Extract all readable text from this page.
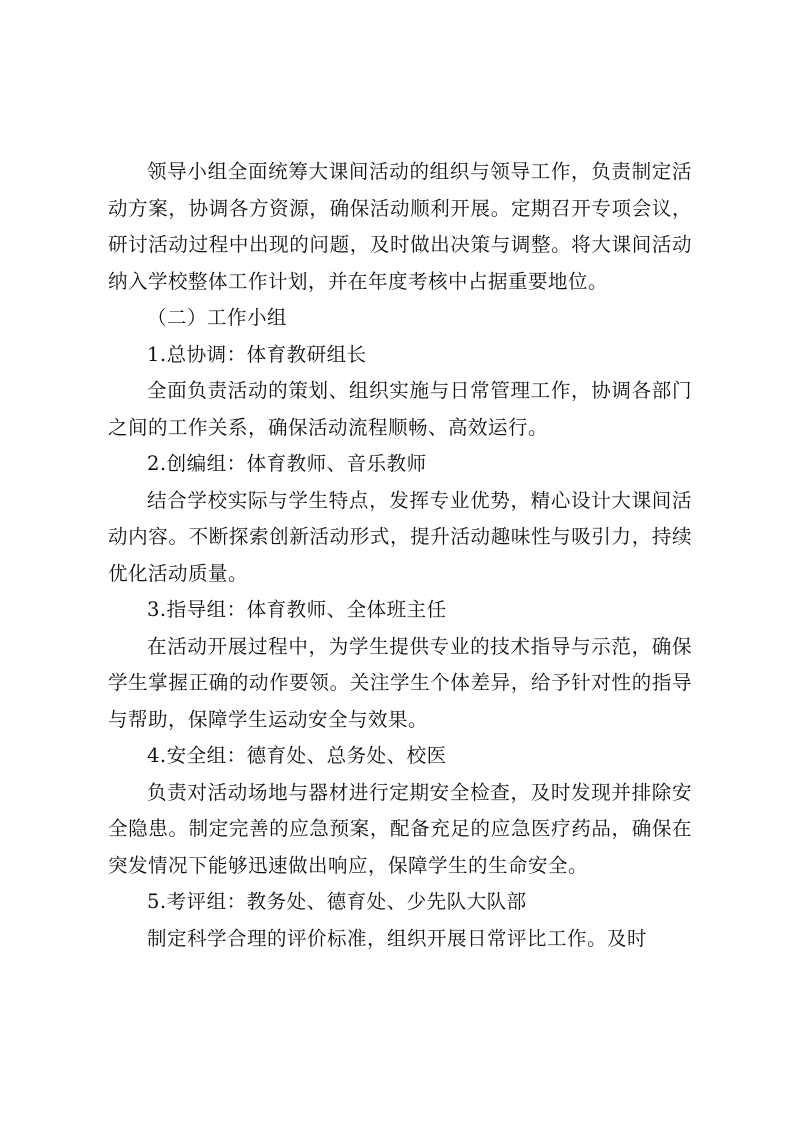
领导小组全面统筹大课间活动的组织与领导工作，负责制定活动方案，协调各方资源，确保活动顺利开展。定期召开专项会议，研讨活动过程中出现的问题，及时做出决策与调整。将大课间活动纳入学校整体工作计划，并在年度考核中占据重要地位。

（二）工作小组

1.总协调：体育教研组长

全面负责活动的策划、组织实施与日常管理工作，协调各部门之间的工作关系，确保活动流程顺畅、高效运行。

2.创编组：体育教师、音乐教师

结合学校实际与学生特点，发挥专业优势，精心设计大课间活动内容。不断探索创新活动形式，提升活动趣味性与吸引力，持续优化活动质量。

3.指导组：体育教师、全体班主任

在活动开展过程中，为学生提供专业的技术指导与示范，确保学生掌握正确的动作要领。关注学生个体差异，给予针对性的指导与帮助，保障学生运动安全与效果。

4.安全组：德育处、总务处、校医

负责对活动场地与器材进行定期安全检查，及时发现并排除安全隐患。制定完善的应急预案，配备充足的应急医疗药品，确保在突发情况下能够迅速做出响应，保障学生的生命安全。

5.考评组：教务处、德育处、少先队大队部

制定科学合理的评价标准，组织开展日常评比工作。及时
